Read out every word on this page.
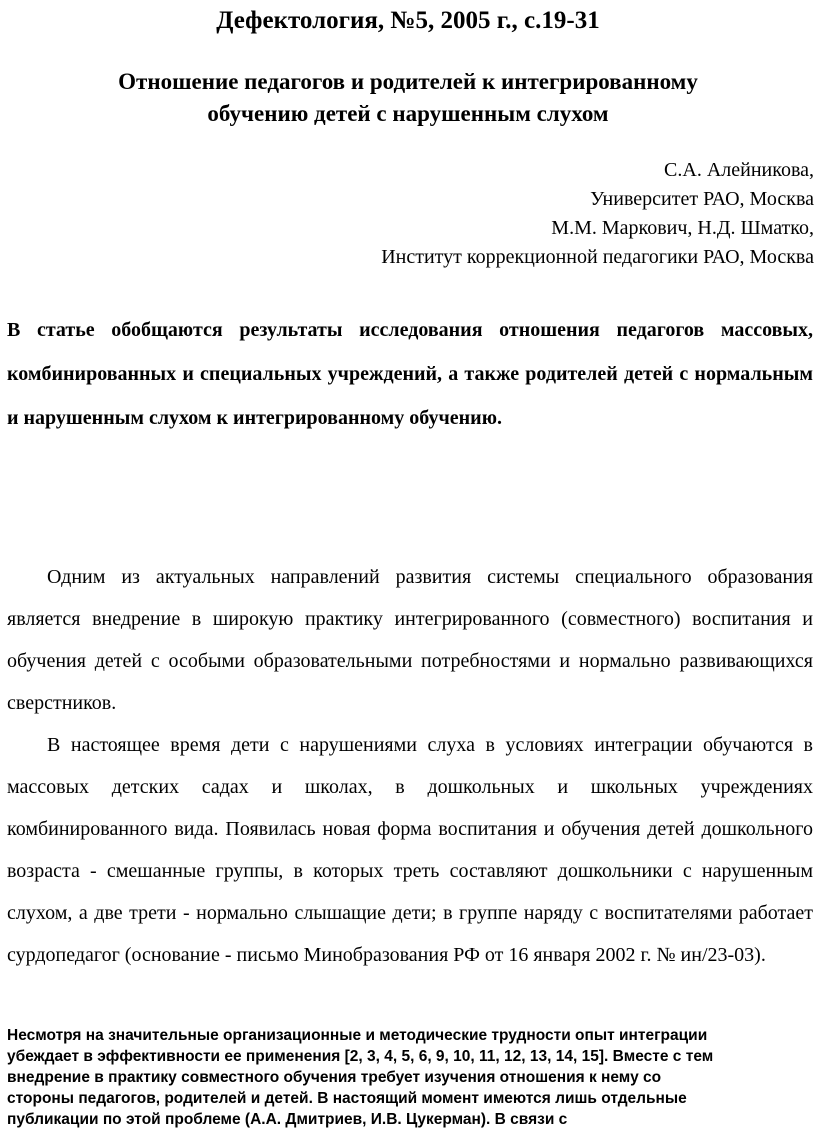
Дефектология, №5, 2005 г., с.19-31
Отношение педагогов и родителей к интегрированному
обучению детей с нарушенным слухом
С.А. Алейникова,
Университет РАО, Москва
М.М. Маркович, Н.Д. Шматко,
Институт коррекционной педагогики РАО, Москва
В статье обобщаются результаты исследования отношения педагогов массовых, комбинированных и специальных учреждений, а также родителей детей с нормальным и нарушенным слухом к интегрированному обучению.

Одним из актуальных направлений развития системы специального образования является внедрение в широкую практику интегрированного (совместного) воспитания и обучения детей с особыми образовательными потребностями и нормально развивающихся сверстников.

В настоящее время дети с нарушениями слуха в условиях интеграции обучаются в массовых детских садах и школах, в дошкольных и школьных учреждениях комбинированного вида. Появилась новая форма воспитания и обучения детей дошкольного возраста - смешанные группы, в которых треть составляют дошкольники с нарушенным слухом, а две трети - нормально слышащие дети; в группе наряду с воспитателями работает сурдопедагог (основание - письмо Минобразования РФ от 16 января 2002 г. № ин/23-03).

Несмотря на значительные организационные и методические трудности опыт интеграции
убеждает в эффективности ее применения [2, 3, 4, 5, 6, 9, 10, 11, 12, 13, 14, 15]. Вместе с тем
внедрение в практику совместного обучения требует изучения отношения к нему со
стороны педагогов, родителей и детей. В настоящий момент имеются лишь отдельные
публикации по этой проблеме (А.А. Дмитриев, И.В. Цукерман). В связи с
